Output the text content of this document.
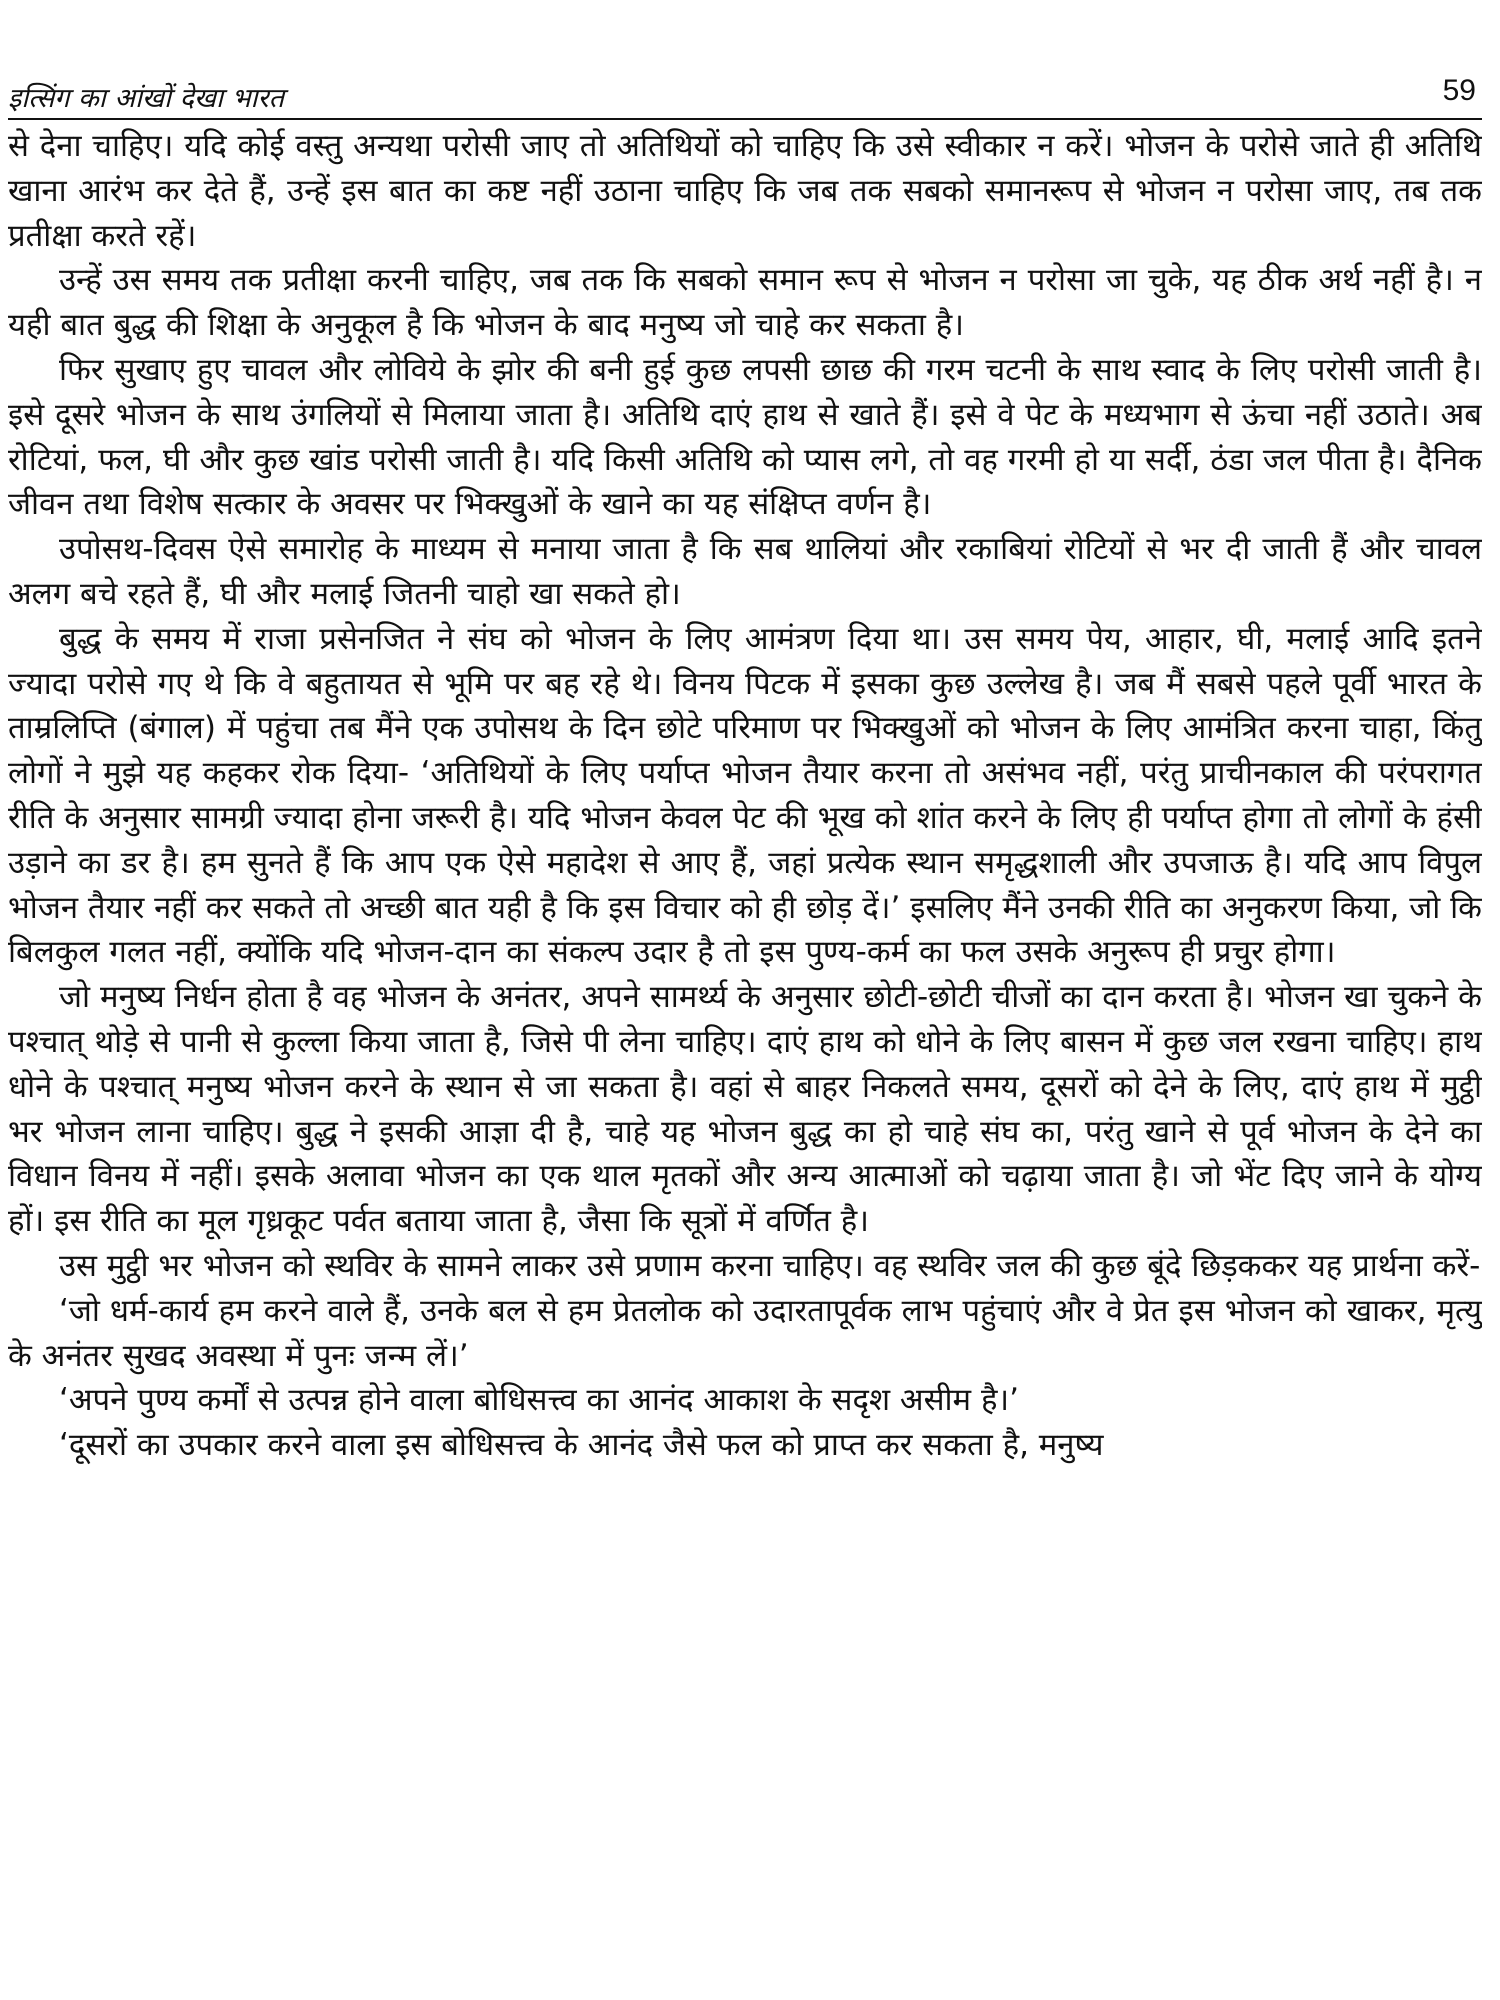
इत्सिंग का आंखों देखा भारत	59

से देना चाहिए। यदि कोई वस्तु अन्यथा परोसी जाए तो अतिथियों को चाहिए कि उसे स्वीकार न करें। भोजन के परोसे जाते ही अतिथि खाना आरंभ कर देते हैं, उन्हें इस बात का कष्ट नहीं उठाना चाहिए कि जब तक सबको समानरूप से भोजन न परोसा जाए, तब तक प्रतीक्षा करते रहें।

उन्हें उस समय तक प्रतीक्षा करनी चाहिए, जब तक कि सबको समान रूप से भोजन न परोसा जा चुके, यह ठीक अर्थ नहीं है। न यही बात बुद्ध की शिक्षा के अनुकूल है कि भोजन के बाद मनुष्य जो चाहे कर सकता है।

फिर सुखाए हुए चावल और लोविये के झोर की बनी हुई कुछ लपसी छाछ की गरम चटनी के साथ स्वाद के लिए परोसी जाती है। इसे दूसरे भोजन के साथ उंगलियों से मिलाया जाता है। अतिथि दाएं हाथ से खाते हैं। इसे वे पेट के मध्यभाग से ऊंचा नहीं उठाते। अब रोटियां, फल, घी और कुछ खांड परोसी जाती है। यदि किसी अतिथि को प्यास लगे, तो वह गरमी हो या सर्दी, ठंडा जल पीता है। दैनिक जीवन तथा विशेष सत्कार के अवसर पर भिक्खुओं के खाने का यह संक्षिप्त वर्णन है।

उपोसथ-दिवस ऐसे समारोह के माध्यम से मनाया जाता है कि सब थालियां और रकाबियां रोटियों से भर दी जाती हैं और चावल अलग बचे रहते हैं, घी और मलाई जितनी चाहो खा सकते हो।

बुद्ध के समय में राजा प्रसेनजित ने संघ को भोजन के लिए आमंत्रण दिया था। उस समय पेय, आहार, घी, मलाई आदि इतने ज्यादा परोसे गए थे कि वे बहुतायत से भूमि पर बह रहे थे। विनय पिटक में इसका कुछ उल्लेख है। जब मैं सबसे पहले पूर्वी भारत के ताम्रलिप्ति (बंगाल) में पहुंचा तब मैंने एक उपोसथ के दिन छोटे परिमाण पर भिक्खुओं को भोजन के लिए आमंत्रित करना चाहा, किंतु लोगों ने मुझे यह कहकर रोक दिया- ‘अतिथियों के लिए पर्याप्त भोजन तैयार करना तो असंभव नहीं, परंतु प्राचीनकाल की परंपरागत रीति के अनुसार सामग्री ज्यादा होना जरूरी है। यदि भोजन केवल पेट की भूख को शांत करने के लिए ही पर्याप्त होगा तो लोगों के हंसी उड़ाने का डर है। हम सुनते हैं कि आप एक ऐसे महादेश से आए हैं, जहां प्रत्येक स्थान समृद्धशाली और उपजाऊ है। यदि आप विपुल भोजन तैयार नहीं कर सकते तो अच्छी बात यही है कि इस विचार को ही छोड़ दें।’ इसलिए मैंने उनकी रीति का अनुकरण किया, जो कि बिलकुल गलत नहीं, क्योंकि यदि भोजन-दान का संकल्प उदार है तो इस पुण्य-कर्म का फल उसके अनुरूप ही प्रचुर होगा।

जो मनुष्य निर्धन होता है वह भोजन के अनंतर, अपने सामर्थ्य के अनुसार छोटी-छोटी चीजों का दान करता है। भोजन खा चुकने के पश्चात् थोड़े से पानी से कुल्ला किया जाता है, जिसे पी लेना चाहिए। दाएं हाथ को धोने के लिए बासन में कुछ जल रखना चाहिए। हाथ धोने के पश्चात् मनुष्य भोजन करने के स्थान से जा सकता है। वहां से बाहर निकलते समय, दूसरों को देने के लिए, दाएं हाथ में मुट्ठी भर भोजन लाना चाहिए। बुद्ध ने इसकी आज्ञा दी है, चाहे यह भोजन बुद्ध का हो चाहे संघ का, परंतु खाने से पूर्व भोजन के देने का विधान विनय में नहीं। इसके अलावा भोजन का एक थाल मृतकों और अन्य आत्माओं को चढ़ाया जाता है। जो भेंट दिए जाने के योग्य हों। इस रीति का मूल गृध्रकूट पर्वत बताया जाता है, जैसा कि सूत्रों में वर्णित है।

उस मुट्ठी भर भोजन को स्थविर के सामने लाकर उसे प्रणाम करना चाहिए। वह स्थविर जल की कुछ बूंदे छिड़ककर यह प्रार्थना करें-

‘जो धर्म-कार्य हम करने वाले हैं, उनके बल से हम प्रेतलोक को उदारतापूर्वक लाभ पहुंचाएं और वे प्रेत इस भोजन को खाकर, मृत्यु के अनंतर सुखद अवस्था में पुनः जन्म लें।’

‘अपने पुण्य कर्मों से उत्पन्न होने वाला बोधिसत्त्व का आनंद आकाश के सदृश असीम है।’

‘दूसरों का उपकार करने वाला इस बोधिसत्त्व के आनंद जैसे फल को प्राप्त कर सकता है, मनुष्य
